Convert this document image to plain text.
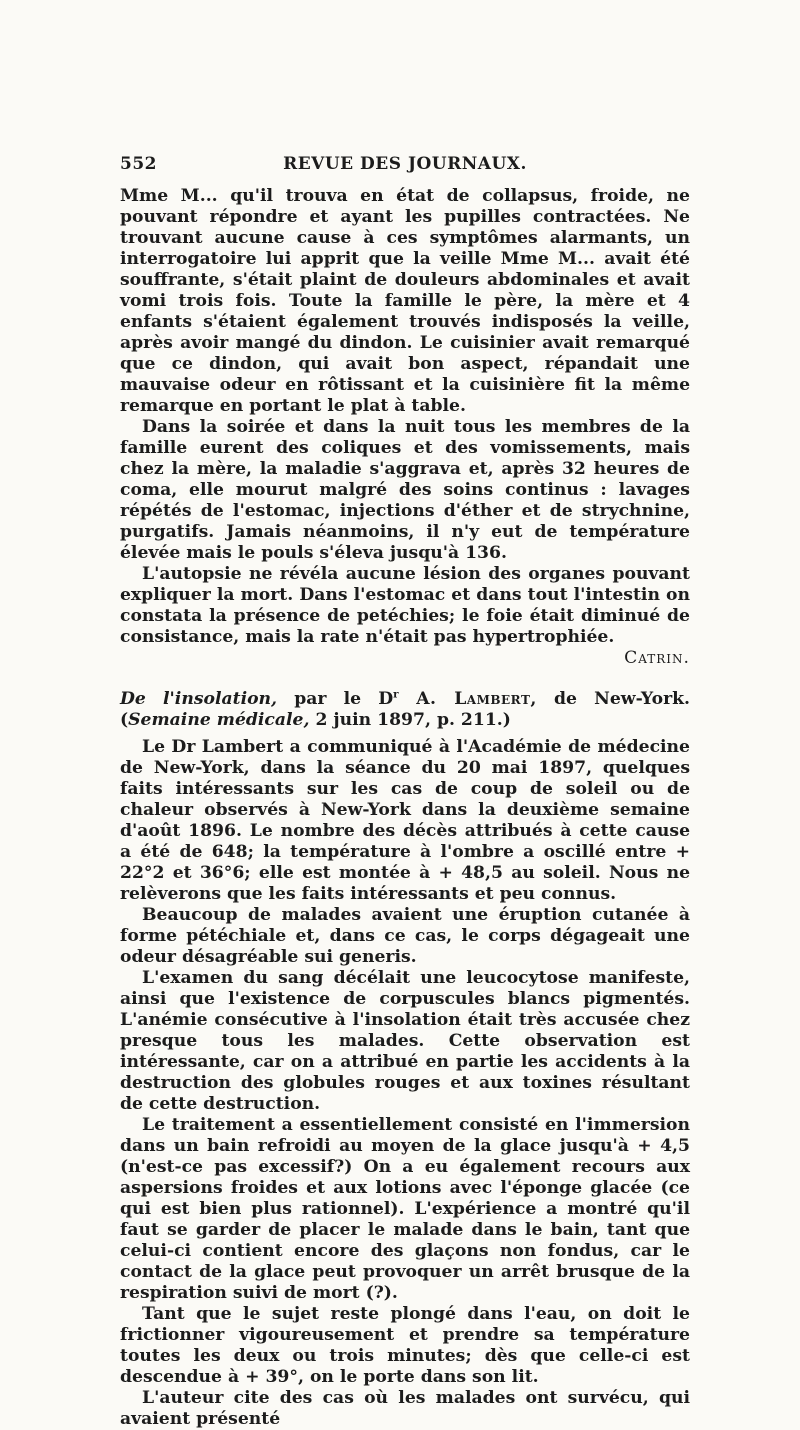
552	REVUE DES JOURNAUX.

Mme M... qu'il trouva en état de collapsus, froide, ne pouvant répondre et ayant les pupilles contractées. Ne trouvant aucune cause à ces symptômes alarmants, un interrogatoire lui apprit que la veille Mme M... avait été souffrante, s'était plaint de douleurs abdominales et avait vomi trois fois. Toute la famille le père, la mère et 4 enfants s'étaient également trouvés indisposés la veille, après avoir mangé du dindon. Le cuisinier avait remarqué que ce dindon, qui avait bon aspect, répandait une mauvaise odeur en rôtissant et la cuisinière fit la même remarque en portant le plat à table.

Dans la soirée et dans la nuit tous les membres de la famille eurent des coliques et des vomissements, mais chez la mère, la maladie s'aggrava et, après 32 heures de coma, elle mourut malgré des soins continus : lavages répétés de l'estomac, injections d'éther et de strychnine, purgatifs. Jamais néanmoins, il n'y eut de température élevée mais le pouls s'éleva jusqu'à 136.

L'autopsie ne révéla aucune lésion des organes pouvant expliquer la mort. Dans l'estomac et dans tout l'intestin on constata la présence de petéchies; le foie était diminué de consistance, mais la rate n'était pas hypertrophiée.

Catrin.

De l'insolation, par le $D^r$ A. Lambert, de New-York. (Semaine médicale, 2 juin 1897, p. 211.)

Le Dr Lambert a communiqué à l'Académie de médecine de New-York, dans la séance du 20 mai 1897, quelques faits intéressants sur les cas de coup de soleil ou de chaleur observés à New-York dans la deuxième semaine d'août 1896. Le nombre des décès attribués à cette cause a été de 648; la température à l'ombre a oscillé entre + 22°2 et 36°6; elle est montée à + 48,5 au soleil. Nous ne relèverons que les faits intéressants et peu connus.

Beaucoup de malades avaient une éruption cutanée à forme pétéchiale et, dans ce cas, le corps dégageait une odeur désagréable sui generis.

L'examen du sang décélait une leucocytose manifeste, ainsi que l'existence de corpuscules blancs pigmentés. L'anémie consécutive à l'insolation était très accusée chez presque tous les malades. Cette observation est intéressante, car on a attribué en partie les accidents à la destruction des globules rouges et aux toxines résultant de cette destruction.

Le traitement a essentiellement consisté en l'immersion dans un bain refroidi au moyen de la glace jusqu'à + 4,5 (n'est-ce pas excessif?) On a eu également recours aux aspersions froides et aux lotions avec l'éponge glacée (ce qui est bien plus rationnel). L'expérience a montré qu'il faut se garder de placer le malade dans le bain, tant que celui-ci contient encore des glaçons non fondus, car le contact de la glace peut provoquer un arrêt brusque de la respiration suivi de mort (?).

Tant que le sujet reste plongé dans l'eau, on doit le frictionner vigoureusement et prendre sa température toutes les deux ou trois minutes; dès que celle-ci est descendue à + 39°, on le porte dans son lit.

L'auteur cite des cas où les malades ont survécu, qui avaient présenté
